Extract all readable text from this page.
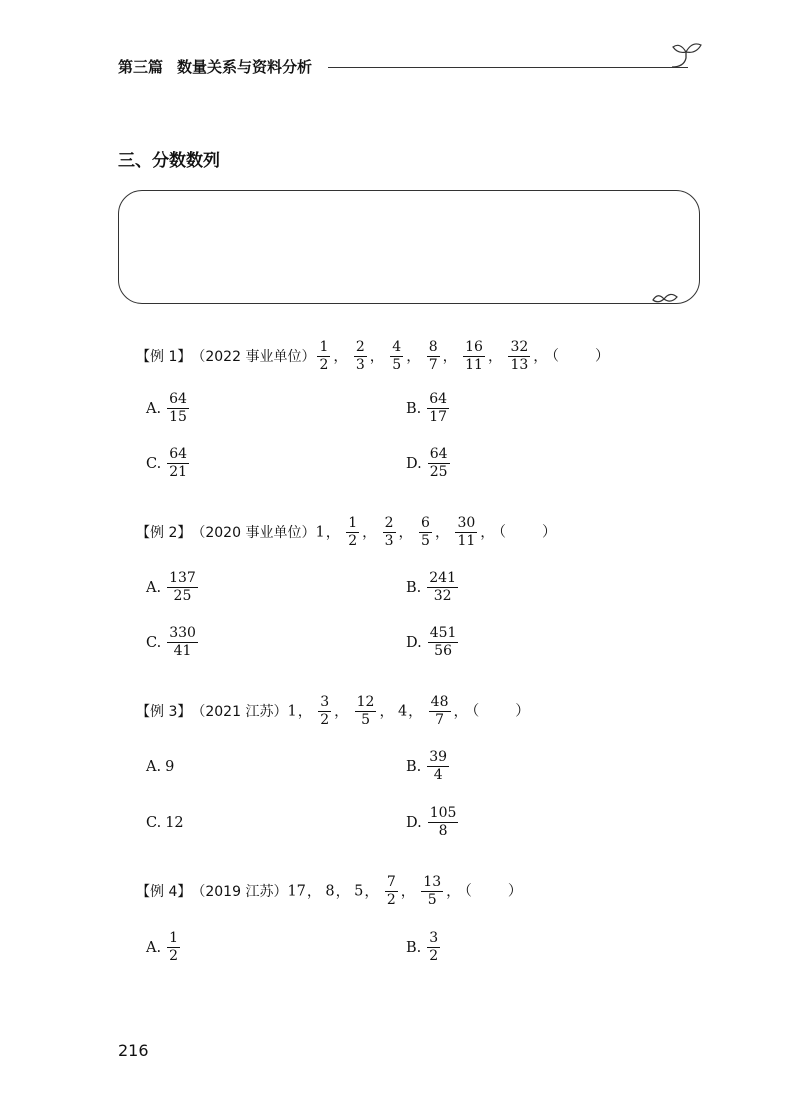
第三篇 数量关系与资料分析
三、分数数列
【例 1】 （2022 事业单位） $\frac{1}{2}$ ， $\frac{2}{3}$ ， $\frac{4}{5}$ ， $\frac{8}{7}$ ， $\frac{16}{11}$ ， $\frac{32}{13}$ ， （ ）
A. $\frac{64}{15}$	B. $\frac{64}{17}$
C. $\frac{64}{21}$	D. $\frac{64}{25}$
【例 2】 （2020 事业单位） 1， $\frac{1}{2}$ ， $\frac{2}{3}$ ， $\frac{6}{5}$ ， $\frac{30}{11}$ ， （ ）
A. $\frac{137}{25}$	B. $\frac{241}{32}$
C. $\frac{330}{41}$	D. $\frac{451}{56}$
【例 3】 （2021 江苏） 1， $\frac{3}{2}$ ， $\frac{12}{5}$ ， 4， $\frac{48}{7}$ ， （ ）
A. 9	B. $\frac{39}{4}$
C. 12	D. $\frac{105}{8}$
【例 4】 （2019 江苏） 17， 8， 5， $\frac{7}{2}$ ， $\frac{13}{5}$ ， （ ）
A. $\frac{1}{2}$	B. $\frac{3}{2}$
216
